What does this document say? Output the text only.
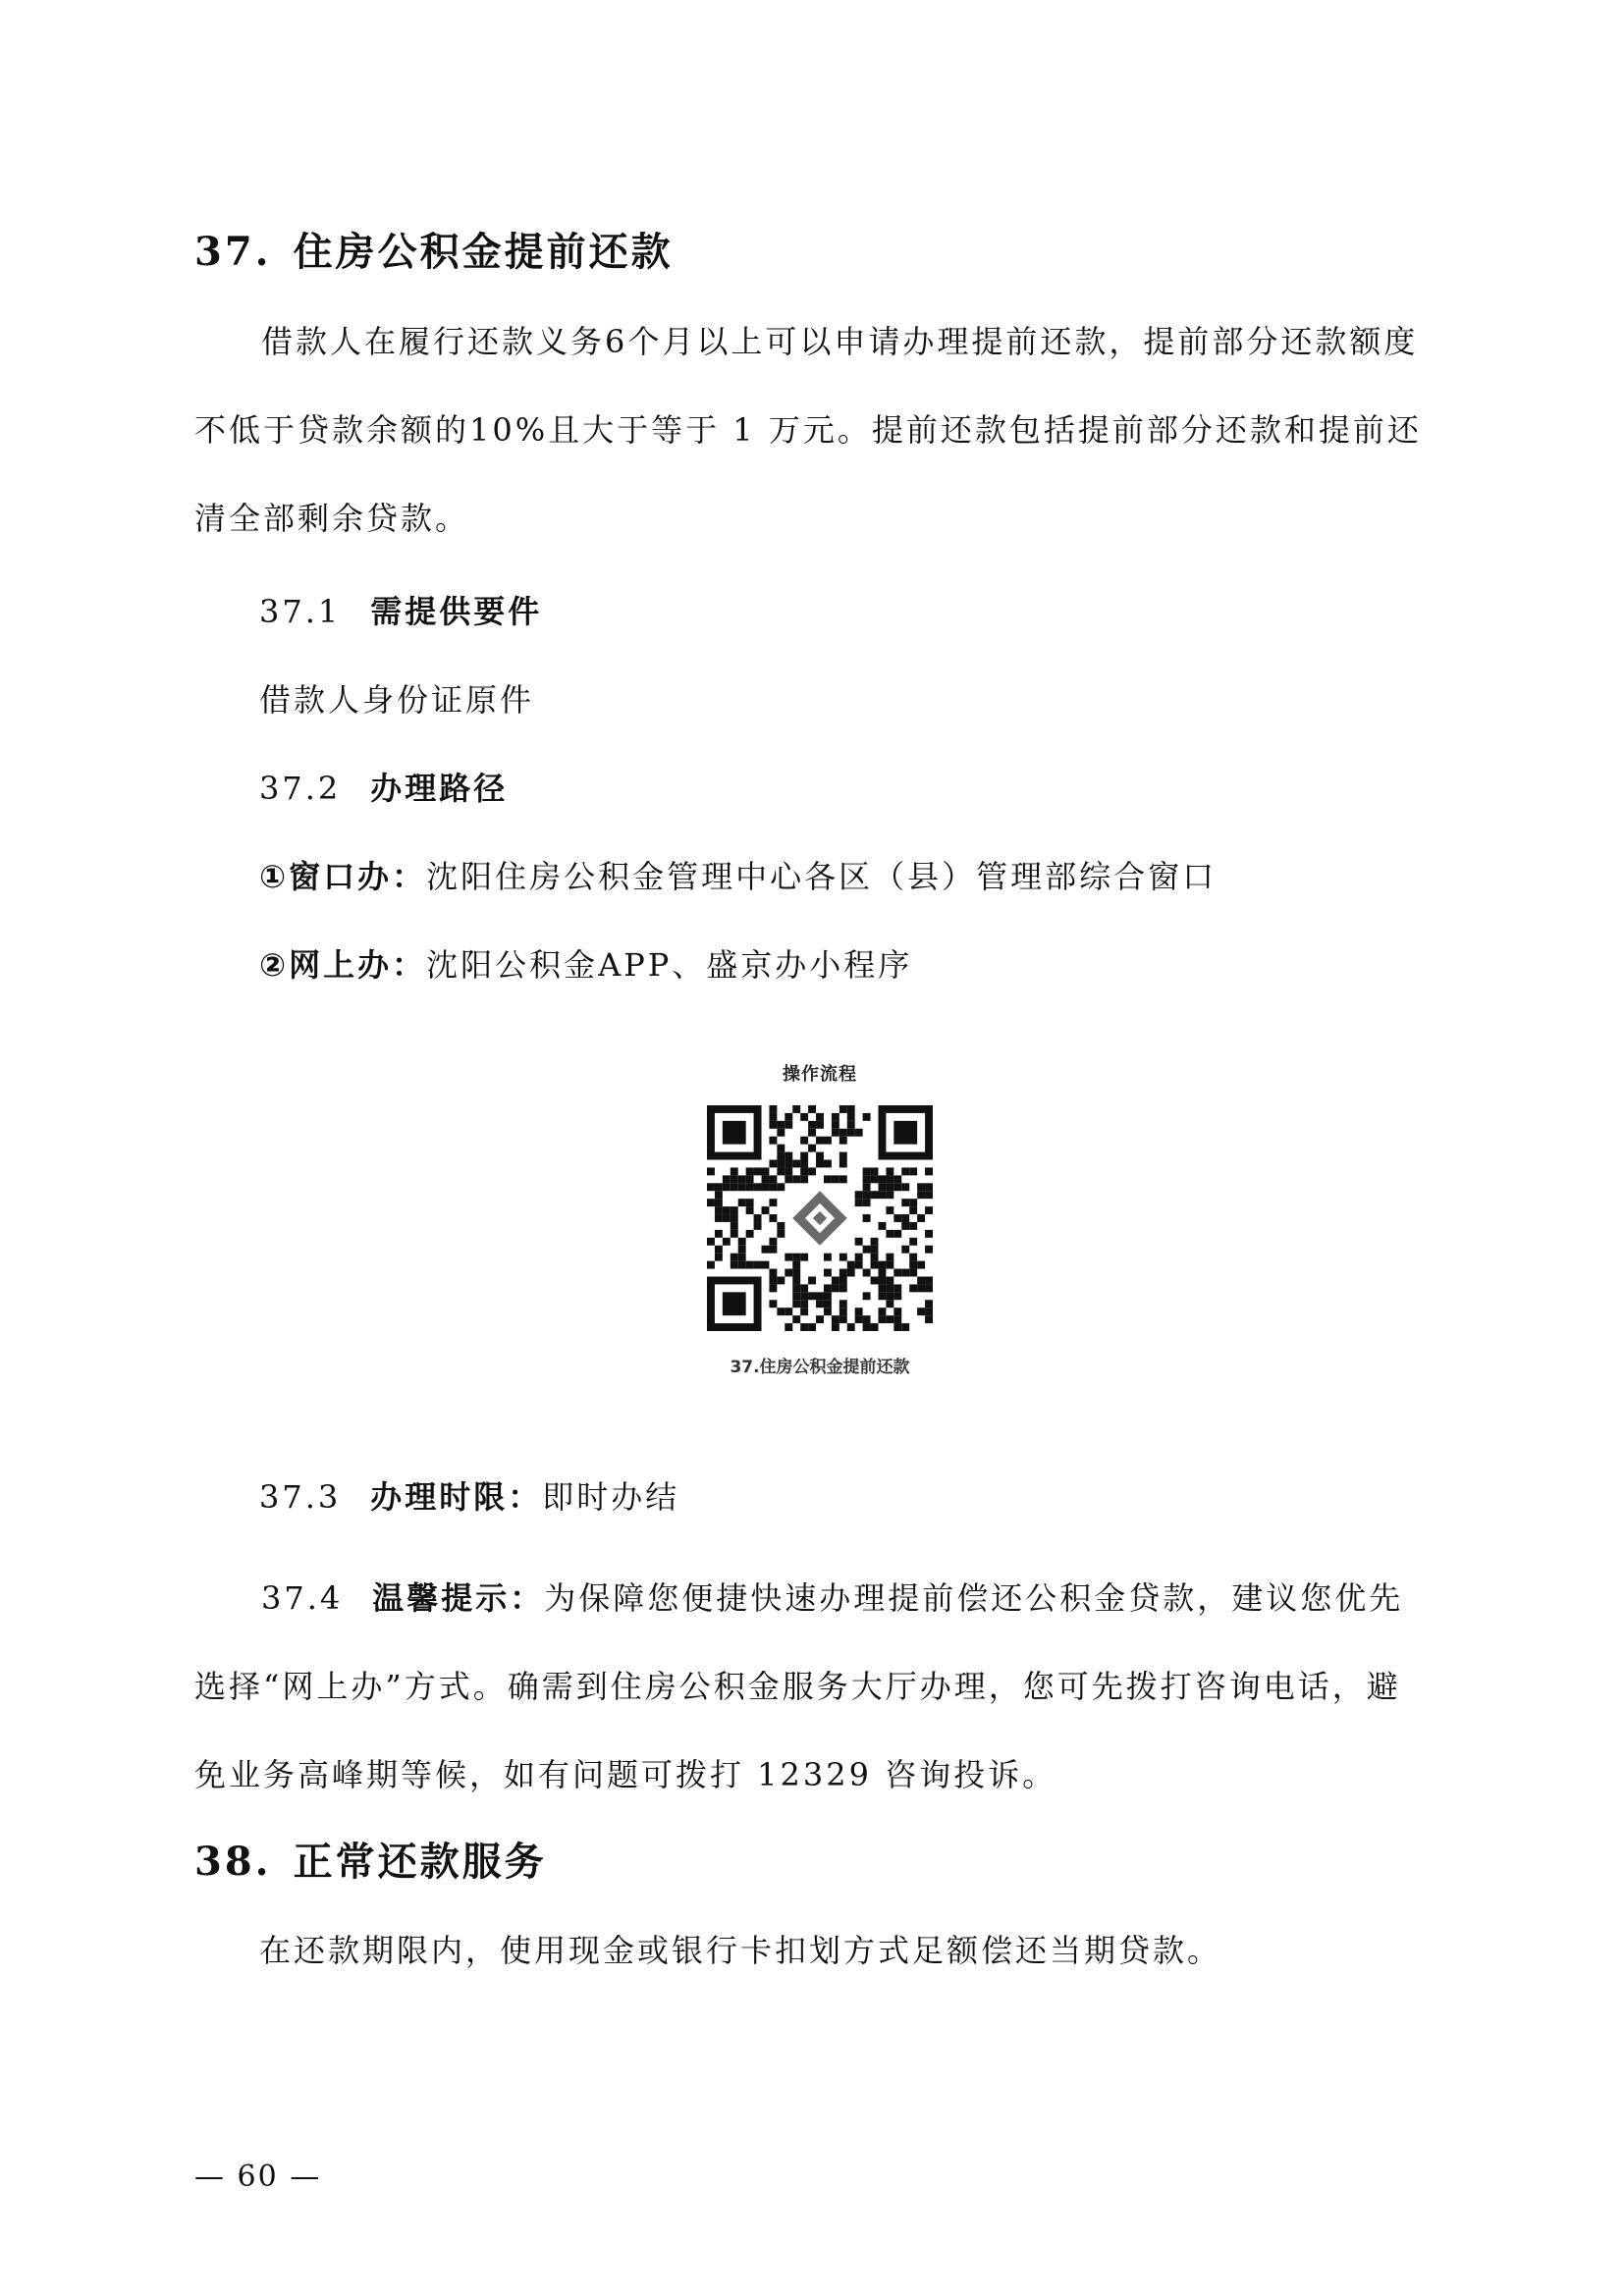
37. 住房公积金提前还款

借款人在履行还款义务6个月以上可以申请办理提前还款，提前部分还款额度不低于贷款余额的10%且大于等于 1 万元。提前还款包括提前部分还款和提前还清全部剩余贷款。

37.1 需提供要件
借款人身份证原件
37.2 办理路径
①窗口办：沈阳住房公积金管理中心各区（县）管理部综合窗口
②网上办：沈阳公积金APP、盛京办小程序
操作流程
37.住房公积金提前还款
37.3 办理时限：即时办结

37.4 温馨提示：为保障您便捷快速办理提前偿还公积金贷款，建议您优先选择“网上办”方式。确需到住房公积金服务大厅办理，您可先拨打咨询电话，避免业务高峰期等候，如有问题可拨打 12329 咨询投诉。

38. 正常还款服务
在还款期限内，使用现金或银行卡扣划方式足额偿还当期贷款。
— 60 —
